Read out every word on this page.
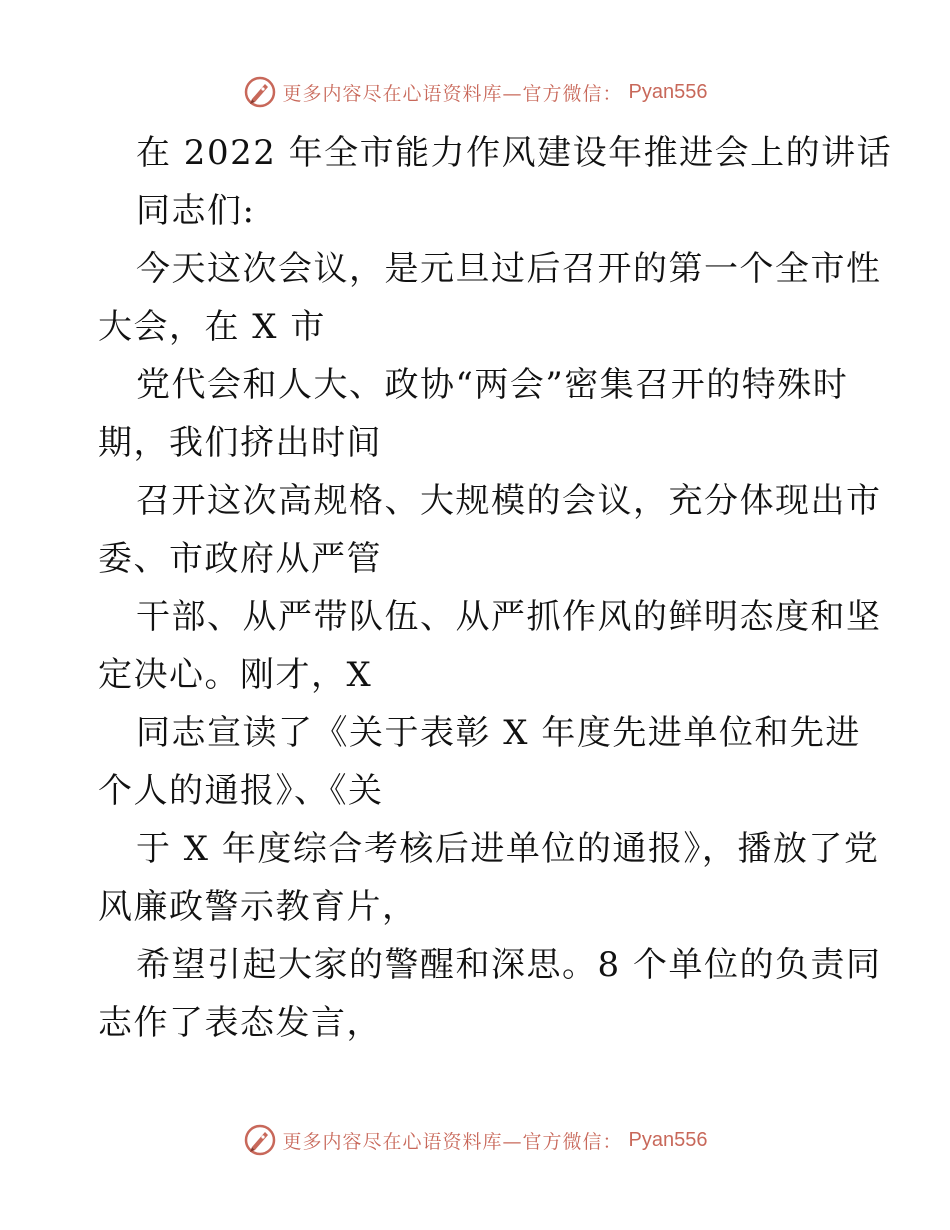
更多内容尽在心语资料库—官方微信： Pyan556
在 2022 年全市能力作风建设年推进会上的讲话
同志们:
今天这次会议，是元旦过后召开的第一个全市性
大会，在 X 市
党代会和人大、政协“两会”密集召开的特殊时
期，我们挤出时间
召开这次高规格、大规模的会议，充分体现出市
委、市政府从严管
干部、从严带队伍、从严抓作风的鲜明态度和坚
定决心。刚才，X
同志宣读了《关于表彰 X 年度先进单位和先进
个人的通报》、《关
于 X 年度综合考核后进单位的通报》，播放了党
风廉政警示教育片，
希望引起大家的警醒和深思。8 个单位的负责同
志作了表态发言，
更多内容尽在心语资料库—官方微信： Pyan556
